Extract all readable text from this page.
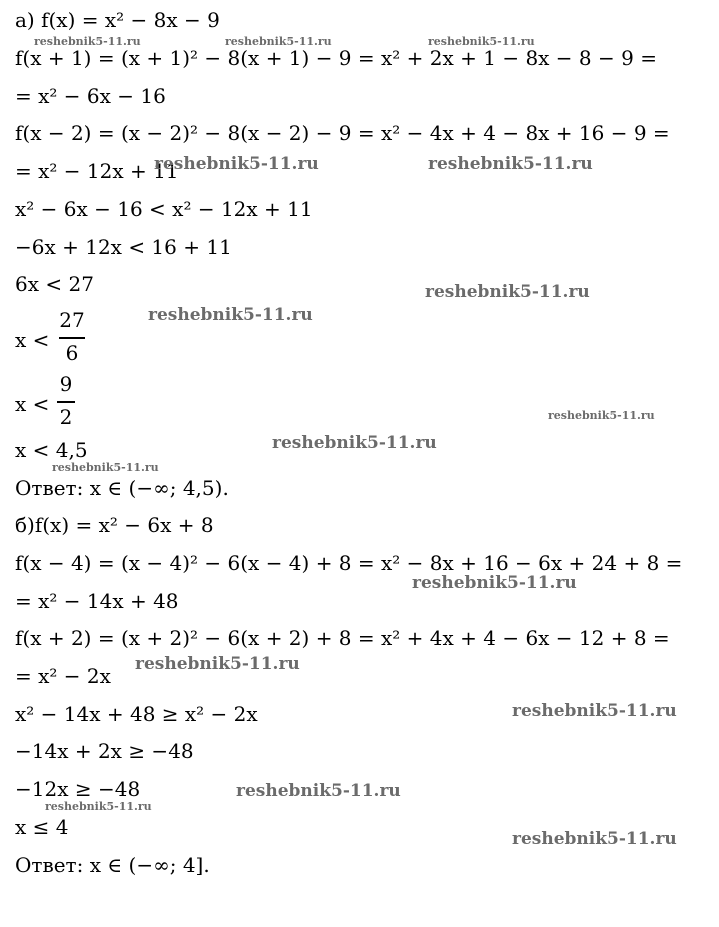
а) f(x) = x² − 8x − 9
f(x + 1) = (x + 1)² − 8(x + 1) − 9 = x² + 2x + 1 − 8x − 8 − 9 =
= x² − 6x − 16
f(x − 2) = (x − 2)² − 8(x − 2) − 9 = x² − 4x + 4 − 8x + 16 − 9 =
= x² − 12x + 11
x² − 6x − 16 < x² − 12x + 11
−6x + 12x < 16 + 11
6x < 27
x <
27
6
x <
9
2
x < 4,5
Ответ: x ∈ (−∞; 4,5).
б)f(x) = x² − 6x + 8
f(x − 4) = (x − 4)² − 6(x − 4) + 8 = x² − 8x + 16 − 6x + 24 + 8 =
= x² − 14x + 48
f(x + 2) = (x + 2)² − 6(x + 2) + 8 = x² + 4x + 4 − 6x − 12 + 8 =
= x² − 2x
x² − 14x + 48 ≥ x² − 2x
−14x + 2x ≥ −48
−12x ≥ −48
x ≤ 4
Ответ: x ∈ (−∞; 4].
reshebnik5-11.ru	reshebnik5-11.ru	reshebnik5-11.ru
reshebnik5-11.ru	reshebnik5-11.ru
reshebnik5-11.ru
reshebnik5-11.ru
reshebnik5-11.ru
reshebnik5-11.ru
reshebnik5-11.ru
reshebnik5-11.ru
reshebnik5-11.ru
reshebnik5-11.ru
reshebnik5-11.ru
reshebnik5-11.ru
reshebnik5-11.ru
